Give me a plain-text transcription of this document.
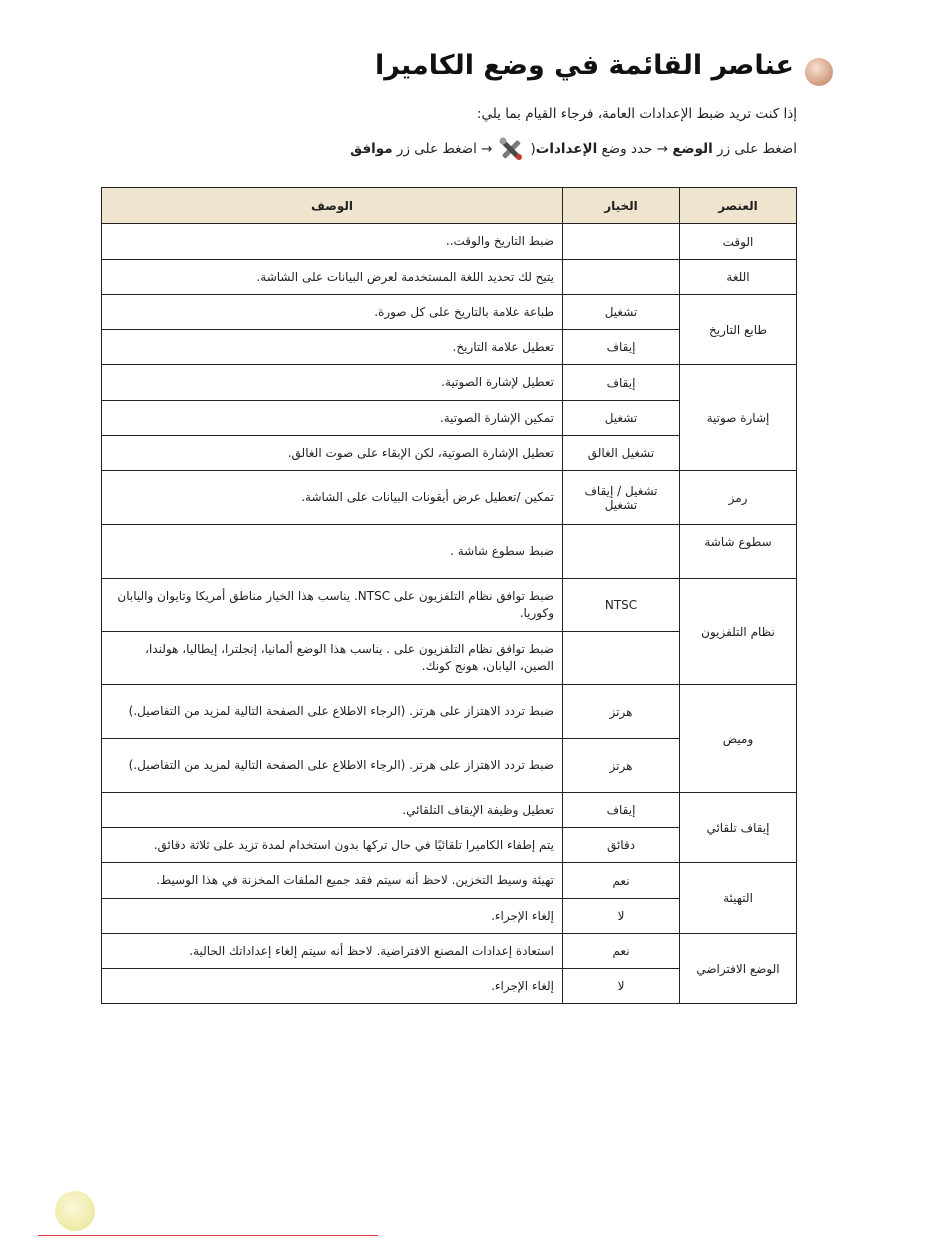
عناصر القائمة في وضع الكاميرا
إذا كنت تريد ضبط الإعدادات العامة، فرجاء القيام بما يلي:
اضغط على زر

الوضع

→ حدد وضع

الإعدادات
(
→ اضغط على زر

موافق
العنصر	الخيار	الوصف
الوقت		ضبط التاريخ والوقت..
اللغة		يتيح لك تحديد اللغة المستخدمة لعرض البيانات على الشاشة.
طابع التاريخ	تشغيل	طباعة علامة بالتاريخ على كل صورة.
	إيقاف	تعطيل علامة التاريخ.
إشارة صوتية	إيقاف	تعطيل لإشارة الصوتية.
	تشغيل	تمكين الإشارة الصوتية.
	تشغيل الغالق	تعطيل الإشارة الصوتية، لكن الإبقاء على صوت الغالق.
رمز	تشغيل / إيقاف تشغيل	تمكين /تعطيل عرض أيقونات البيانات على الشاشة.
سطوع شاشة		ضبط سطوع شاشة .
نظام التلفزيون	NTSC	ضبط توافق نظام التلفزيون على NTSC. يناسب هذا الخيار مناطق أمريكا وتايوان واليابان وكوريا.
		ضبط توافق نظام التلفزيون على . يناسب هذا الوضع ألمانيا، إنجلترا، إيطاليا، هولندا، الصين، اليابان، هونج كونك.
وميض	هرتز	ضبط تردد الاهتزاز على هرتز. (الرجاء الاطلاع على الصفحة التالية لمزيد من التفاصيل.)
	هرتز	ضبط تردد الاهتزاز على هرتز. (الرجاء الاطلاع على الصفحة التالية لمزيد من التفاصيل.)
إيقاف تلقائي	إيقاف	تعطيل وظيفة الإيقاف التلقائي.
	دقائق	يتم إطفاء الكاميرا تلقائيًا في حال تركها بدون استخدام لمدة تزيد على ثلاثة دقائق.
التهيئة	نعم	تهيئة وسيط التخزين. لاحظ أنه سيتم فقد جميع الملفات المخزنة في هذا الوسيط.
	لا	إلغاء الإجراء.
الوضع الافتراضي	نعم	استعادة إعدادات المصنع الافتراضية. لاحظ أنه سيتم إلغاء إعداداتك الحالية.
	لا	إلغاء الإجراء.
